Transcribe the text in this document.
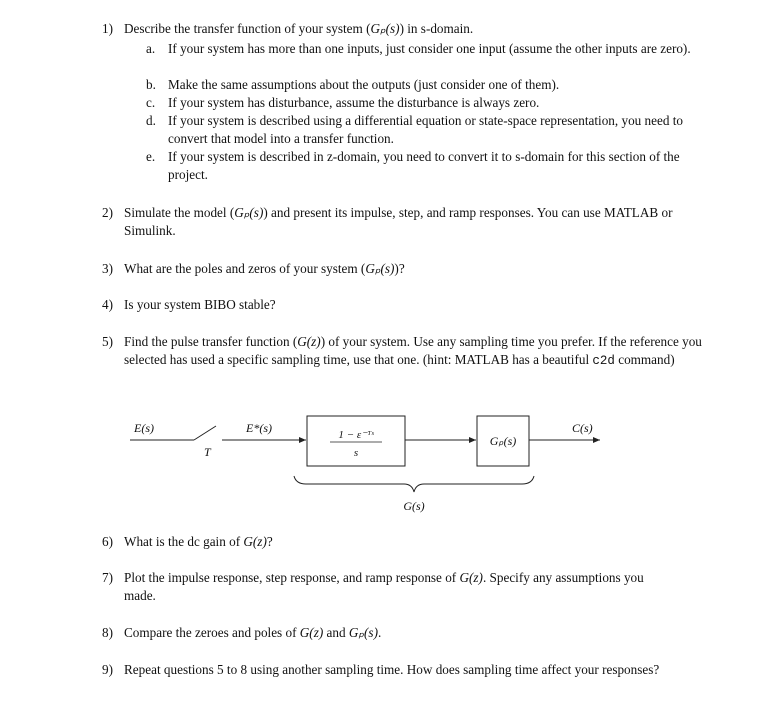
1) Describe the transfer function of your system (Gₚ(s)) in s-domain.
a. If your system has more than one inputs, just consider one input (assume the other inputs are zero).
b. Make the same assumptions about the outputs (just consider one of them).
c. If your system has disturbance, assume the disturbance is always zero.
d. If your system is described using a differential equation or state-space representation, you need to convert that model into a transfer function.
e. If your system is described in z-domain, you need to convert it to s-domain for this section of the project.
2) Simulate the model (Gₚ(s)) and present its impulse, step, and ramp responses. You can use MATLAB or Simulink.
3) What are the poles and zeros of your system (Gₚ(s))?
4) Is your system BIBO stable?
5) Find the pulse transfer function (G(z)) of your system. Use any sampling time you prefer. If the reference you selected has used a specific sampling time, use that one. (hint: MATLAB has a beautiful c2d command)
E(s)
T
E*(s)	1 − ε⁻ᵀˢ
s
Gₚ(s)
C(s)
G(s)
6) What is the dc gain of G(z)?
7) Plot the impulse response, step response, and ramp response of G(z). Specify any assumptions you made.
8) Compare the zeroes and poles of G(z) and Gₚ(s).
9) Repeat questions 5 to 8 using another sampling time. How does sampling time affect your responses?
